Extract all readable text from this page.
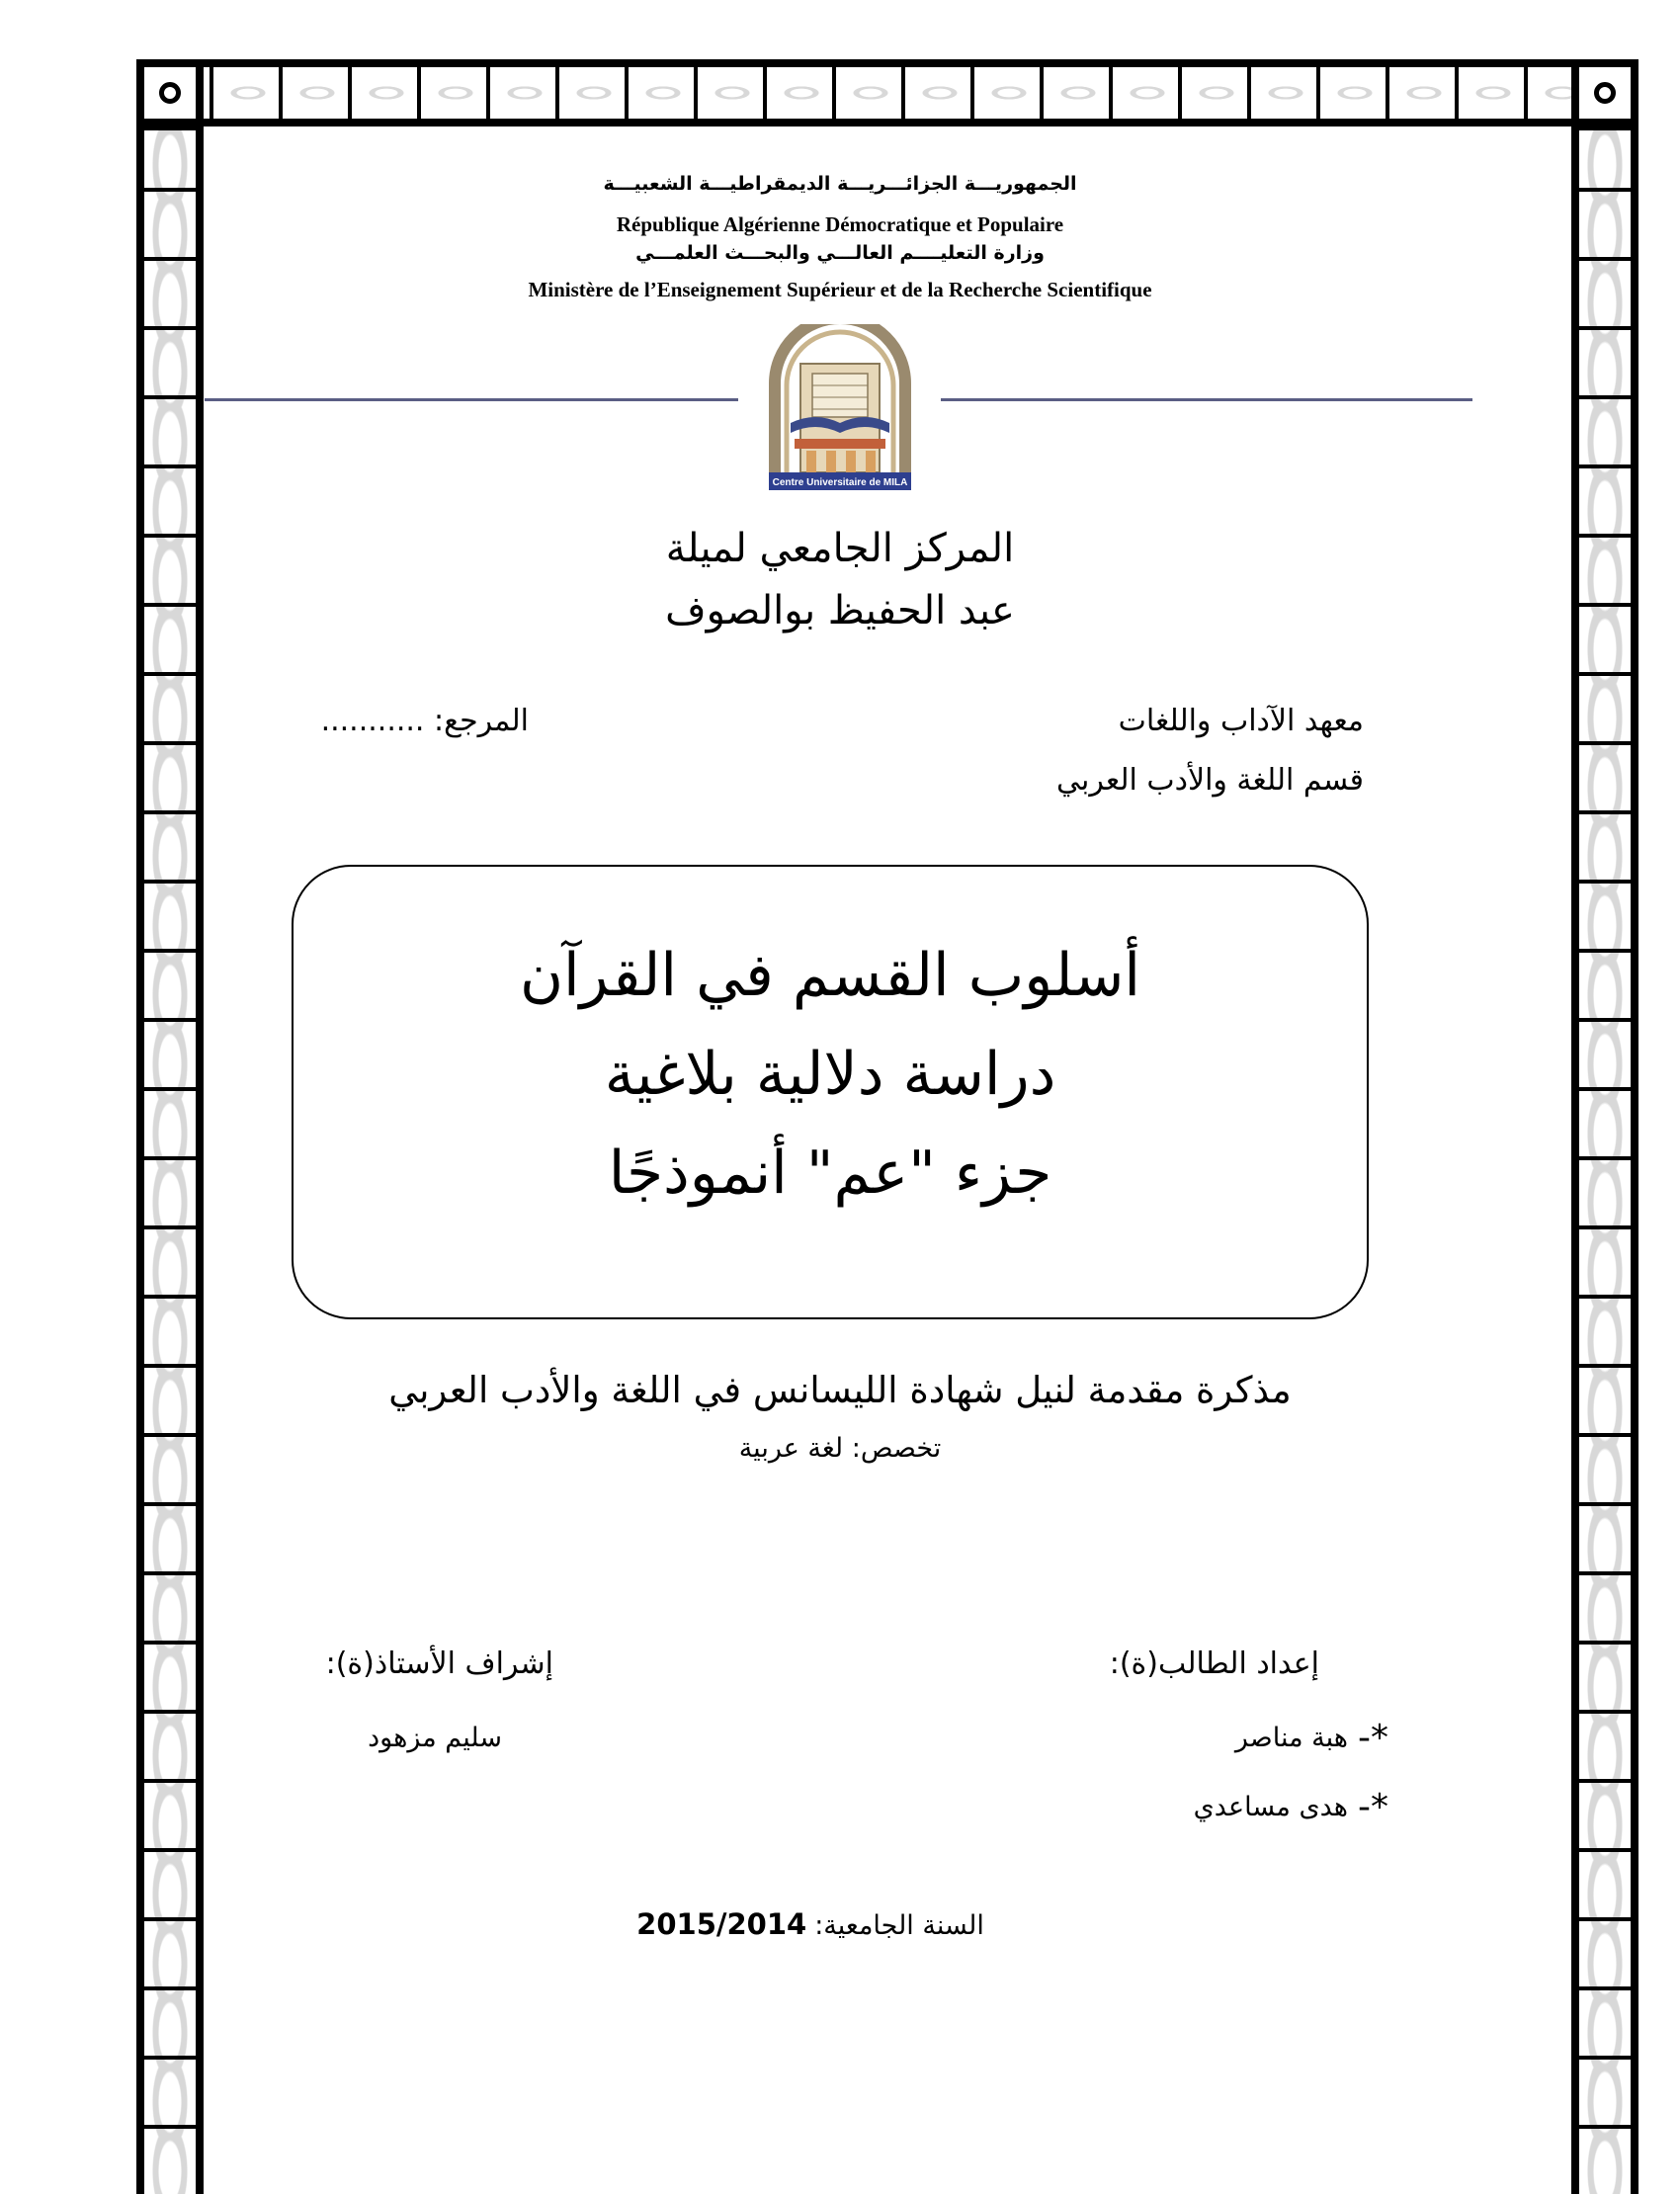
الجمهوريـــة الجزائـــريـــة الديمقراطيـــة الشعبيـــة
République Algérienne Démocratique et Populaire
وزارة التعليــــم العالـــي والبحـــث العلمـــي
Ministère de l’Enseignement Supérieur et de la Recherche Scientifique
Centre Universitaire de MILA
المركز الجامعي لميلة
عبد الحفيظ بوالصوف
معهد الآداب واللغات
قسم اللغة والأدب العربي
المرجع: ...........
أسلوب القسم في القرآن
دراسة دلالية بلاغية
جزء "عم" أنموذجًا
مذكرة مقدمة لنيل شهادة الليسانس في اللغة والأدب العربي
تخصص: لغة عربية
إعداد الطالب(ة):
إشراف الأستاذ(ة):
*-
هبة مناصر
*-
هدى مساعدي
سليم مزهود
السنة الجامعية:
2015/2014
